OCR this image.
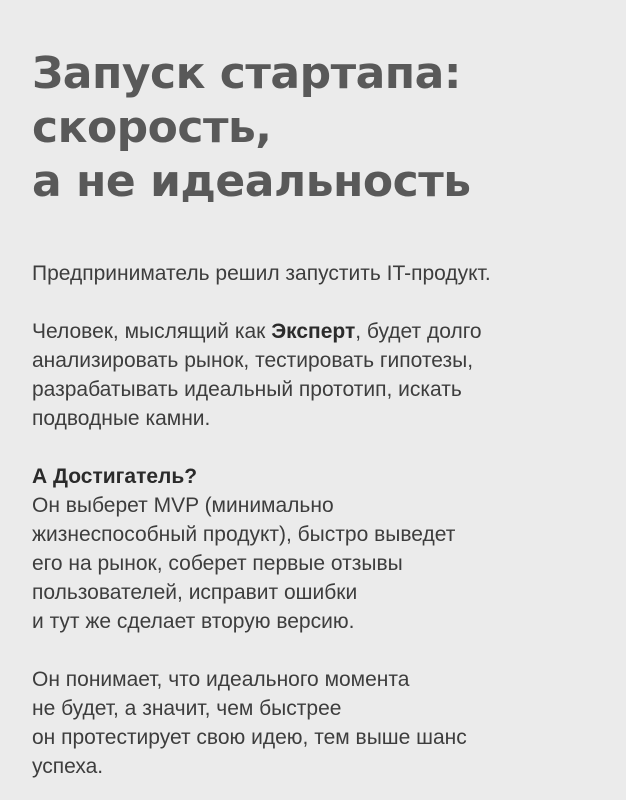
Запуск стартапа:
скорость,
а не идеальность

Предприниматель решил запустить IT-продукт.

Человек, мыслящий как Эксперт, будет долго
анализировать рынок, тестировать гипотезы,
разрабатывать идеальный прототип, искать
подводные камни.

А Достигатель?
Он выберет MVP (минимально
жизнеспособный продукт), быстро выведет
его на рынок, соберет первые отзывы
пользователей, исправит ошибки
и тут же сделает вторую версию.

Он понимает, что идеального момента
не будет, а значит, чем быстрее
он протестирует свою идею, тем выше шанс
успеха.
